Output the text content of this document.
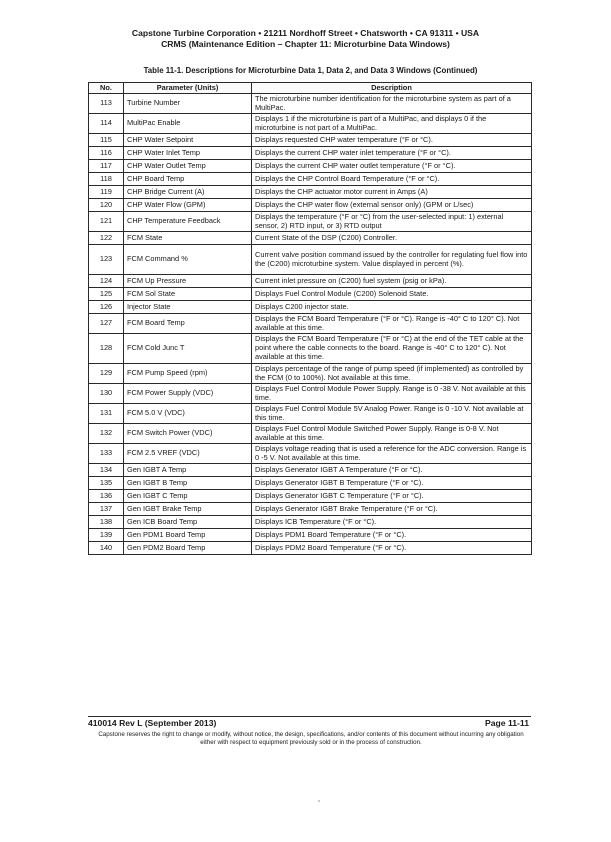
Capstone Turbine Corporation • 21211 Nordhoff Street • Chatsworth • CA 91311 • USA
CRMS (Maintenance Edition – Chapter 11: Microturbine Data Windows)
Table 11-1. Descriptions for Microturbine Data 1, Data 2, and Data 3 Windows (Continued)
No.	Parameter (Units)	Description
113	Turbine Number	The microturbine number identification for the microturbine system as part of a MultiPac.
114	MultiPac Enable	Displays 1 if the microturbine is part of a MultiPac, and displays 0 if the microturbine is not part of a MultiPac.
115	CHP Water Setpoint	Displays requested CHP water temperature (°F or °C).
116	CHP Water Inlet Temp	Displays the current CHP water inlet temperature (°F or °C).
117	CHP Water Outlet Temp	Displays the current CHP water outlet temperature (°F or °C).
118	CHP Board Temp	Displays the CHP Control Board Temperature (°F or °C).
119	CHP Bridge Current (A)	Displays the CHP actuator motor current in Amps (A)
120	CHP Water Flow (GPM)	Displays the CHP water flow (external sensor only) (GPM or L/sec)
121	CHP Temperature Feedback	Displays the temperature (°F or °C) from the user-selected input: 1) external sensor, 2) RTD input, or 3) RTD output
122	FCM State	Current State of the DSP (C200) Controller.
123	FCM Command %	Current valve position command issued by the controller for regulating fuel flow into the (C200) microturbine system. Value displayed in percent (%).
124	FCM Up Pressure	Current inlet pressure on (C200) fuel system (psig or kPa).
125	FCM Sol State	Displays Fuel Control Module (C200) Solenoid State.
126	Injector State	Displays C200 injector state.
127	FCM Board Temp	Displays the FCM Board Temperature (°F or °C). Range is -40° C to 120° C). Not available at this time.
128	FCM Cold Junc T	Displays the FCM Board Temperature (°F or °C) at the end of the TET cable at the point where the cable connects to the board. Range is -40° C to 120° C). Not available at this time.
129	FCM Pump Speed (rpm)	Displays percentage of the range of pump speed (if implemented) as controlled by the FCM (0 to 100%). Not available at this time.
130	FCM Power Supply (VDC)	Displays Fuel Control Module Power Supply. Range is 0 -38 V. Not available at this time.
131	FCM 5.0 V (VDC)	Displays Fuel Control Module 5V Analog Power. Range is 0 -10 V. Not available at this time.
132	FCM Switch Power (VDC)	Displays Fuel Control Module Switched Power Supply. Range is 0-8 V. Not available at this time.
133	FCM 2.5 VREF (VDC)	Displays voltage reading that is used a reference for the ADC conversion. Range is 0 -5 V. Not available at this time.
134	Gen IGBT A Temp	Displays Generator IGBT A Temperature (°F or °C).
135	Gen IGBT B Temp	Displays Generator IGBT B Temperature (°F or °C).
136	Gen IGBT C Temp	Displays Generator IGBT C Temperature (°F or °C).
137	Gen IGBT Brake Temp	Displays Generator IGBT Brake Temperature (°F or °C).
138	Gen ICB Board Temp	Displays ICB Temperature (°F or °C).
139	Gen PDM1 Board Temp	Displays PDM1 Board Temperature (°F or °C).
140	Gen PDM2 Board Temp	Displays PDM2 Board Temperature (°F or °C).
410014 Rev L (September 2013)	Page 11-11
Capstone reserves the right to change or modify, without notice, the design, specifications, and/or contents of this document without incurring any obligation either with respect to equipment previously sold or in the process of construction.
